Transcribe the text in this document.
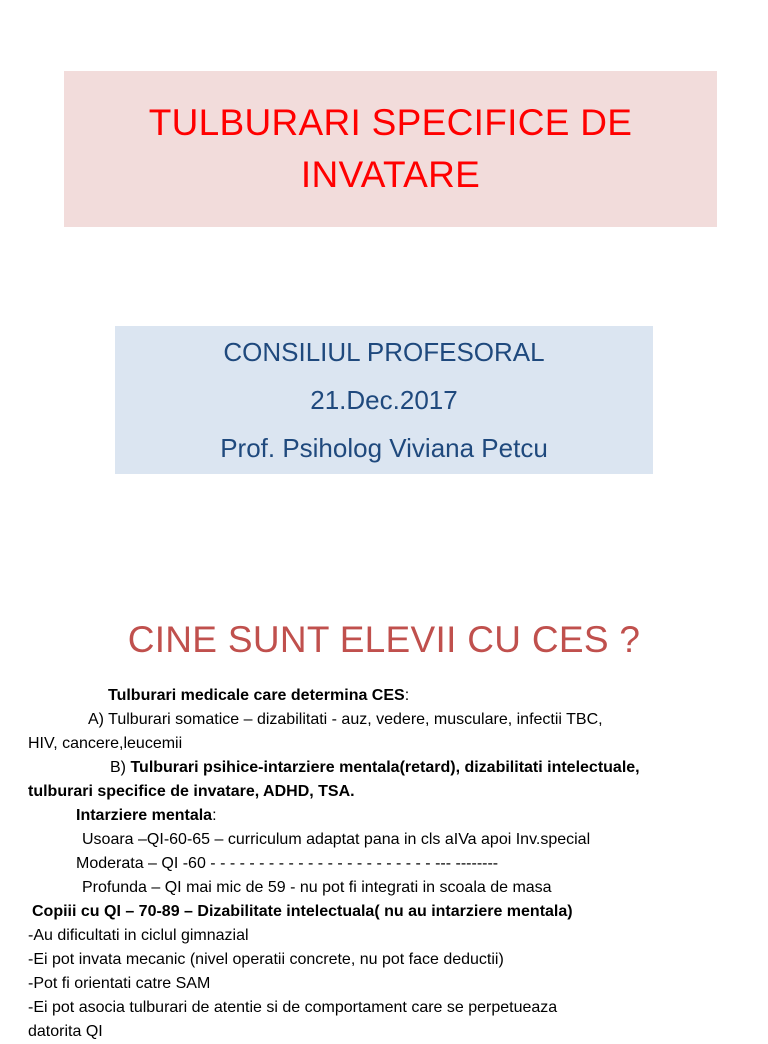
TULBURARI SPECIFICE DE
INVATARE
CONSILIUL PROFESORAL
21.Dec.2017
Prof. Psiholog Viviana Petcu
CINE SUNT ELEVII CU CES ?

Tulburari medicale care determina CES:

A) Tulburari somatice – dizabilitati - auz, vedere, musculare, infectii TBC,

HIV, cancere,leucemii

B) Tulburari psihice-intarziere mentala(retard), dizabilitati intelectuale,

tulburari specifice de invatare, ADHD, TSA.

Intarziere mentala:

Usoara –QI-60-65 – curriculum adaptat pana in cls aIVa apoi Inv.special

Moderata – QI -60 - - - - - - - - - - - - - - - - - - - - - - - --- --------

Profunda – QI mai mic de 59 - nu pot fi integrati in scoala de masa

Copiii cu QI – 70-89 – Dizabilitate intelectuala( nu au intarziere mentala)

-Au dificultati in ciclul gimnazial

-Ei pot invata mecanic (nivel operatii concrete, nu pot face deductii)

-Pot fi orientati catre SAM

-Ei pot asocia tulburari de atentie si de comportament care se perpetueaza

datorita QI
